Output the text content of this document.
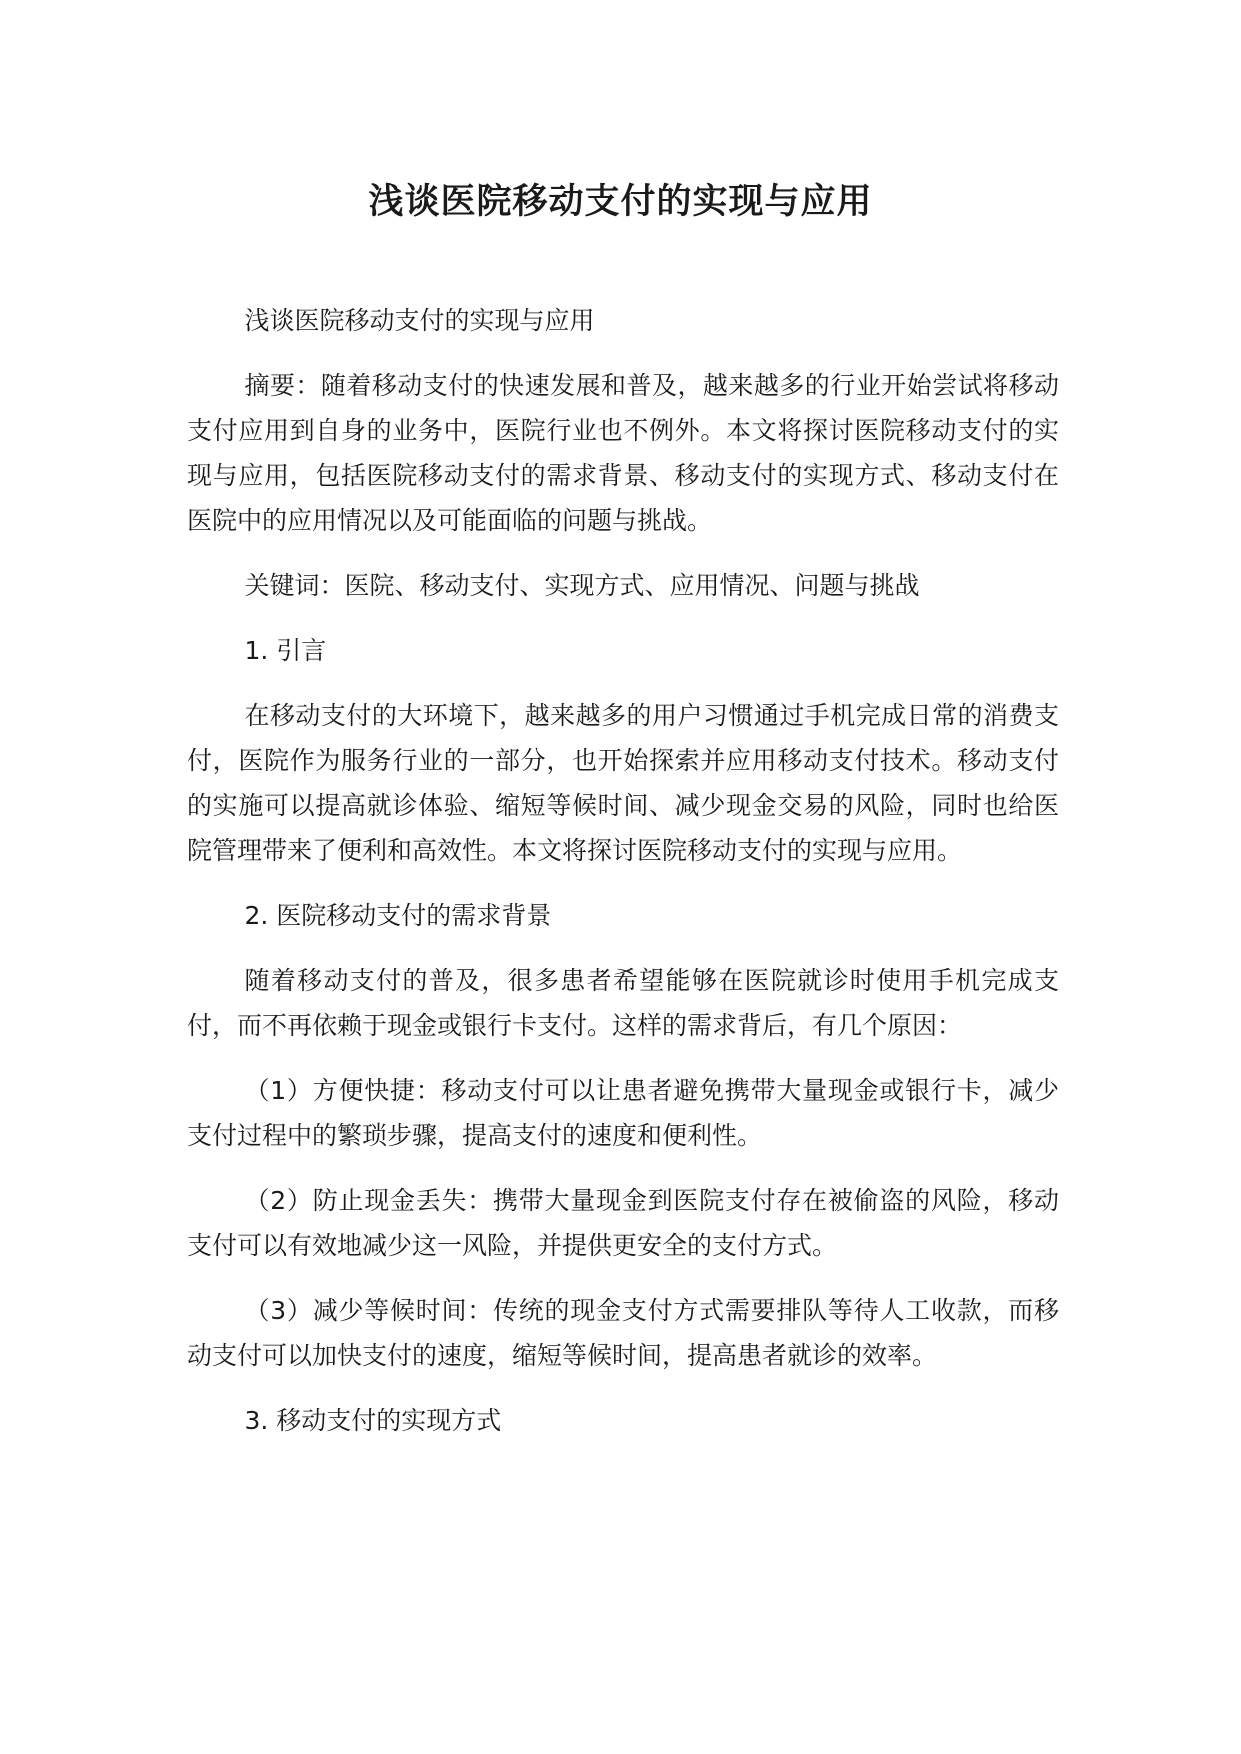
浅谈医院移动支付的实现与应用

浅谈医院移动支付的实现与应用

摘要：随着移动支付的快速发展和普及，越来越多的行业开始尝试将移动支付应用到自身的业务中，医院行业也不例外。本文将探讨医院移动支付的实现与应用，包括医院移动支付的需求背景、移动支付的实现方式、移动支付在医院中的应用情况以及可能面临的问题与挑战。

关键词：医院、移动支付、实现方式、应用情况、问题与挑战

1. 引言

在移动支付的大环境下，越来越多的用户习惯通过手机完成日常的消费支付，医院作为服务行业的一部分，也开始探索并应用移动支付技术。移动支付的实施可以提高就诊体验、缩短等候时间、减少现金交易的风险，同时也给医院管理带来了便利和高效性。本文将探讨医院移动支付的实现与应用。

2. 医院移动支付的需求背景

随着移动支付的普及，很多患者希望能够在医院就诊时使用手机完成支付，而不再依赖于现金或银行卡支付。这样的需求背后，有几个原因：

（1）方便快捷：移动支付可以让患者避免携带大量现金或银行卡，减少支付过程中的繁琐步骤，提高支付的速度和便利性。

（2）防止现金丢失：携带大量现金到医院支付存在被偷盗的风险，移动支付可以有效地减少这一风险，并提供更安全的支付方式。

（3）减少等候时间：传统的现金支付方式需要排队等待人工收款，而移动支付可以加快支付的速度，缩短等候时间，提高患者就诊的效率。

3. 移动支付的实现方式
